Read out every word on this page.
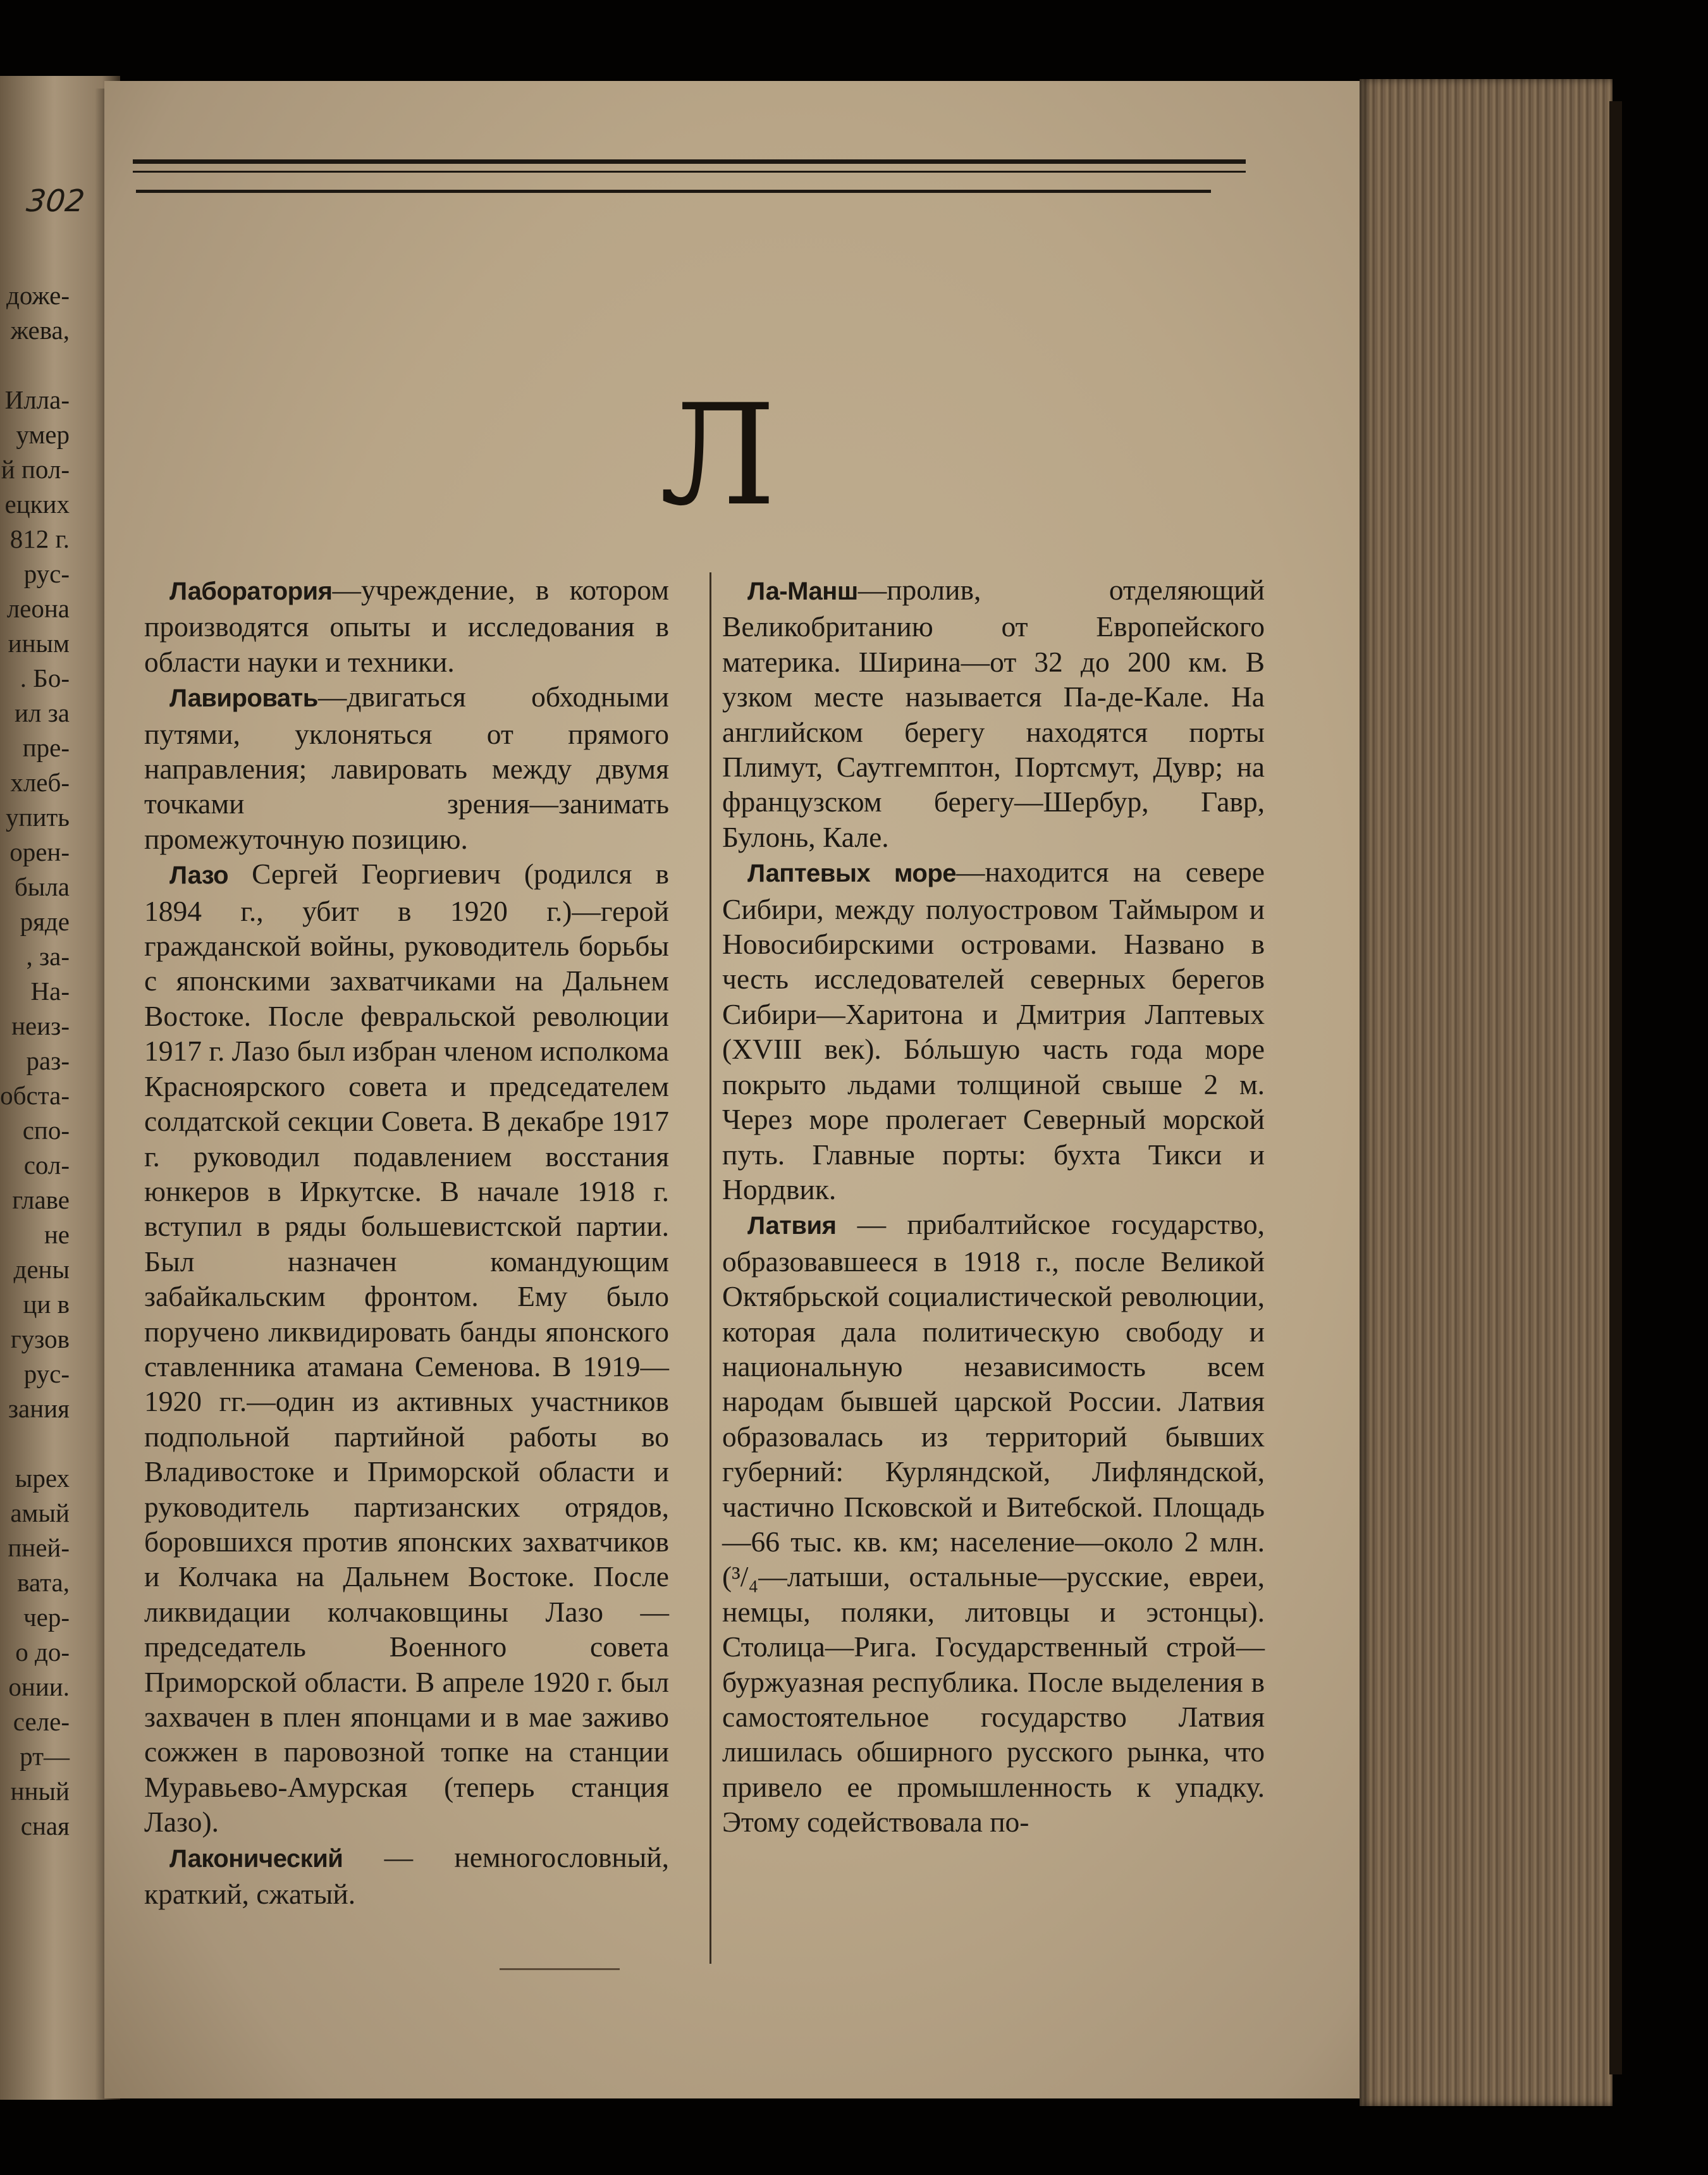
302
доже-
жева,

Илла-
умер
й пол-
ецких
812 г.
рус-
леона
иным
. Бо-
ил за
пре-
хлеб-
упить
орен-
была
ряде
, за-
На-
неиз-
раз-
обста-
спо-
сол-
главе
не
дены
ци в
гузов
рус-
зания

ырех
амый
пней-
вата,
чер-
о до-
онии.
селе-
рт—
нный
сная
Л

Лаборатория—учреждение, в котором производятся опыты и исследования в области науки и техники.

Лавировать—двигаться обходными путями, уклоняться от прямого направления; лавировать между двумя точками зрения—занимать промежуточную позицию.

Лазо Сергей Георгиевич (родился в 1894 г., убит в 1920 г.)—герой гражданской войны, руководитель борьбы с японскими захватчиками на Дальнем Востоке. После февральской революции 1917 г. Лазо был избран членом исполкома Красноярского совета и председателем солдатской секции Совета. В декабре 1917 г. руководил подавлением восстания юнкеров в Иркутске. В начале 1918 г. вступил в ряды большевистской партии. Был назначен командующим забайкальским фронтом. Ему было поручено ликвидировать банды японского ставленника атамана Семенова. В 1919—1920 гг.—один из активных участников подпольной партийной работы во Владивостоке и Приморской области и руководитель партизанских отрядов, боровшихся против японских захватчиков и Колчака на Дальнем Востоке. После ликвидации колчаковщины Лазо — председатель Военного совета Приморской области. В апреле 1920 г. был захвачен в плен японцами и в мае заживо сожжен в паровозной топке на станции Муравьево-Амурская (теперь станция Лазо).

Лаконический — немногословный, краткий, сжатый.

Ла-Манш—пролив, отделяющий Великобританию от Европейского материка. Ширина—от 32 до 200 км. В узком месте называется Па-де-Кале. На английском берегу находятся порты Плимут, Саутгемптон, Портсмут, Дувр; на французском берегу—Шербур, Гавр, Булонь, Кале.

Лаптевых море—находится на севере Сибири, между полуостровом Таймыром и Новосибирскими островами. Названо в честь исследователей северных берегов Сибири—Харитона и Дмитрия Лаптевых (XVIII век). Бóльшую часть года море покрыто льдами толщиной свыше 2 м. Через море пролегает Северный морской путь. Главные порты: бухта Тикси и Нордвик.

Латвия — прибалтийское государство, образовавшееся в 1918 г., после Великой Октябрьской социалистической революции, которая дала политическую свободу и национальную независимость всем народам бывшей царской России. Латвия образовалась из территорий бывших губерний: Курляндской, Лифляндской, частично Псковской и Витебской. Площадь—66 тыс. кв. км; население—около 2 млн. (³/₄—латыши, остальные—русские, евреи, немцы, поляки, литовцы и эстонцы). Столица—Рига. Государственный строй—буржуазная республика. После выделения в самостоятельное государство Латвия лишилась обширного русского рынка, что привело ее промышленность к упадку. Этому содействовала по-
